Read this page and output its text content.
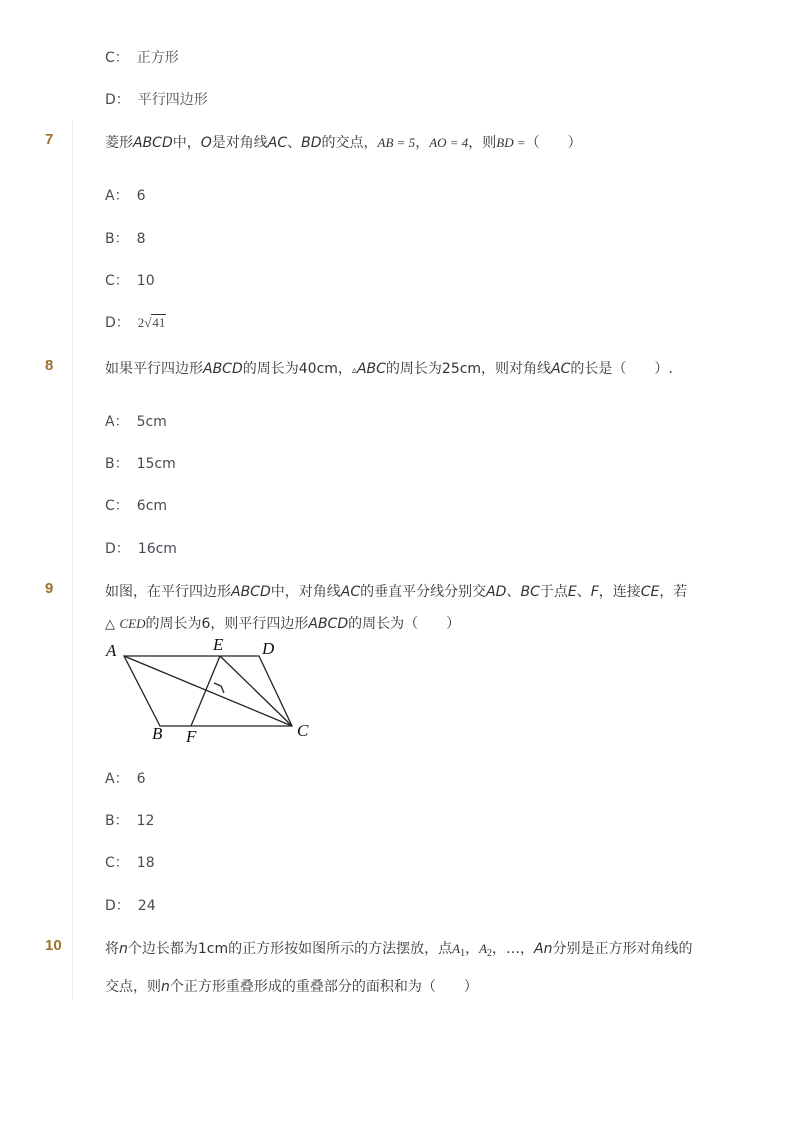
C： 正方形
D： 平行四边形
7	菱形ABCD中，O是对角线AC、BD的交点，AB = 5，AO = 4，则BD =（　　）
A： 6
B： 8
C： 10
D： 2√41
8	如果平行四边形ABCD的周长为40cm，▵ABC的周长为25cm，则对角线AC的长是（　　）.
A： 5cm
B： 15cm
C： 6cm
D： 16cm
9	如图，在平行四边形ABCD中，对角线AC的垂直平分线分别交AD、BC于点E、F，连接CE，若
△ CED的周长为6，则平行四边形ABCD的周长为（　　）
A	D
E
B F	C
A： 6
B： 12
C： 18
D： 24
10	将n个边长都为1cm的正方形按如图所示的方法摆放，点$A_1$，$A_2$，…，An分别是正方形对角线的
交点，则n个正方形重叠形成的重叠部分的面积和为（　　）
